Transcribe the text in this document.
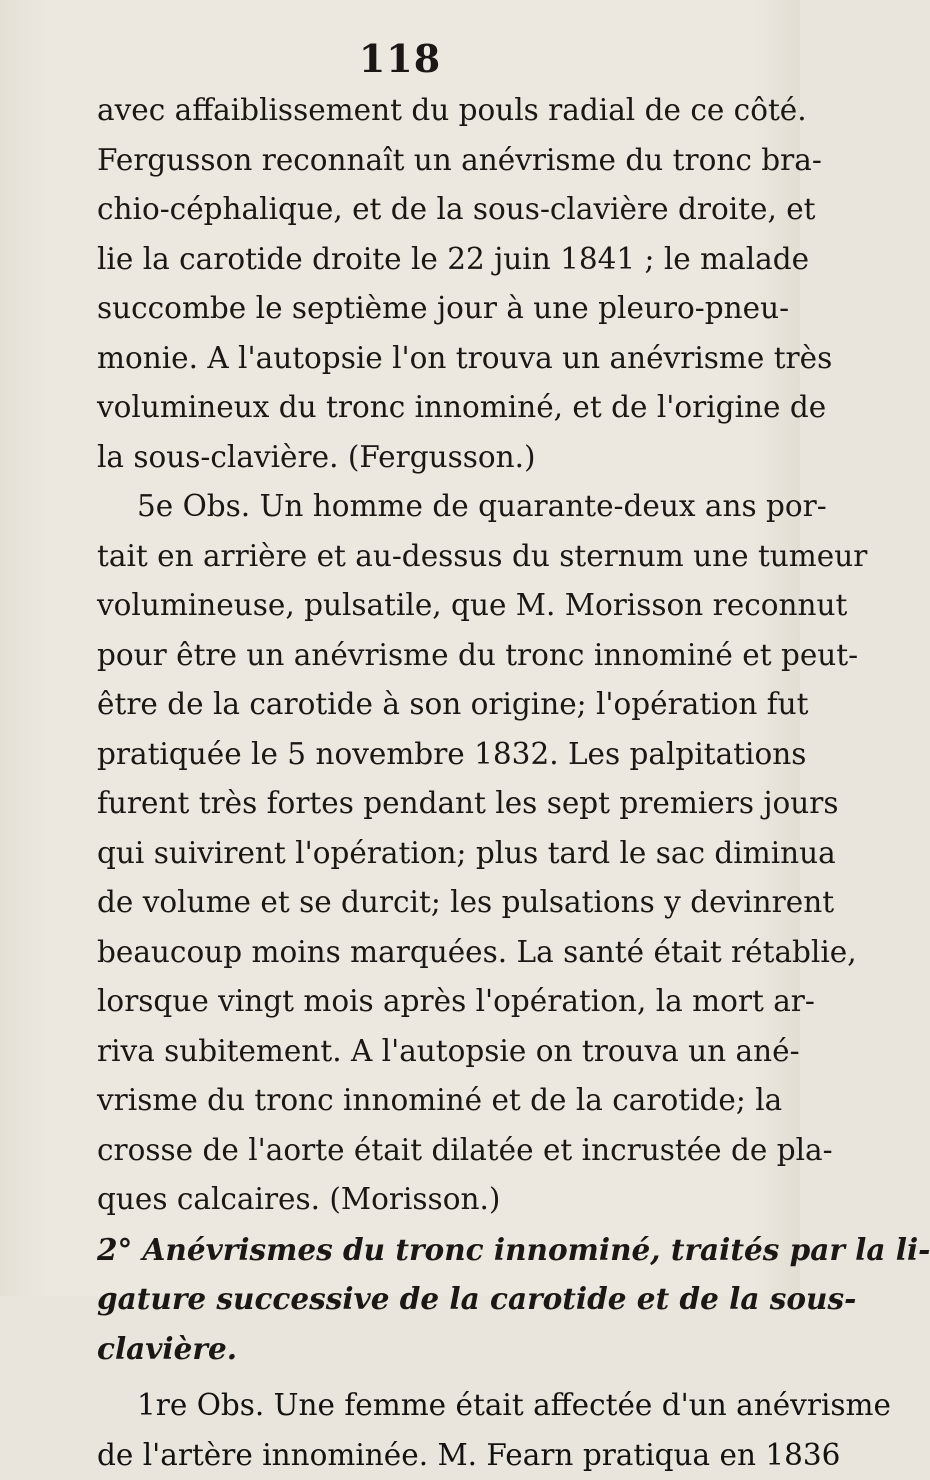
118
avec affaiblissement du pouls radial de ce côté.
Fergusson reconnaît un anévrisme du tronc bra-
chio-céphalique, et de la sous-clavière droite, et
lie la carotide droite le 22 juin 1841 ; le malade
succombe le septième jour à une pleuro-pneu-
monie. A l'autopsie l'on trouva un anévrisme très
volumineux du tronc innominé, et de l'origine de
la sous-clavière. (Fergusson.)
5e Obs. Un homme de quarante-deux ans por-
tait en arrière et au-dessus du sternum une tumeur
volumineuse, pulsatile, que M. Morisson reconnut
pour être un anévrisme du tronc innominé et peut-
être de la carotide à son origine; l'opération fut
pratiquée le 5 novembre 1832. Les palpitations
furent très fortes pendant les sept premiers jours
qui suivirent l'opération; plus tard le sac diminua
de volume et se durcit; les pulsations y devinrent
beaucoup moins marquées. La santé était rétablie,
lorsque vingt mois après l'opération, la mort ar-
riva subitement. A l'autopsie on trouva un ané-
vrisme du tronc innominé et de la carotide; la
crosse de l'aorte était dilatée et incrustée de pla-
ques calcaires. (Morisson.)
2° Anévrismes du tronc innominé, traités par la li-
gature successive de la carotide et de la sous-
clavière.
1re Obs. Une femme était affectée d'un anévrisme
de l'artère innominée. M. Fearn pratiqua en 1836
